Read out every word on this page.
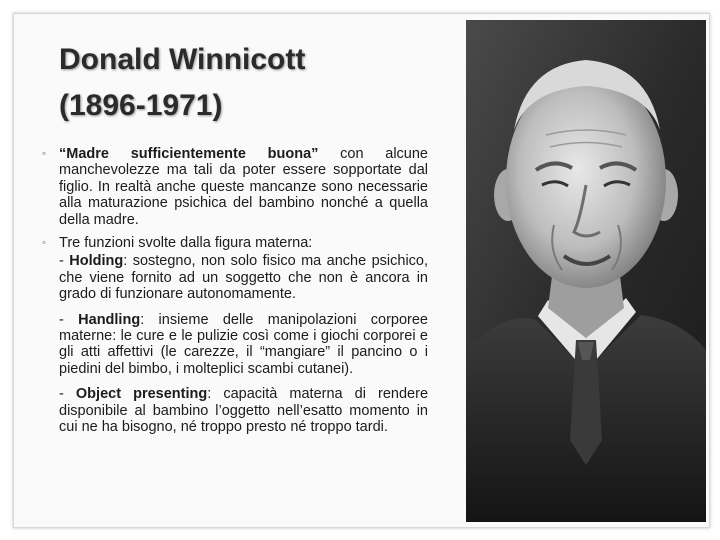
Donald Winnicott
(1896-1971)
◦ “Madre sufficientemente buona” con alcune manchevolezze ma tali da poter essere sopportate dal figlio. In realtà anche queste mancanze sono necessarie alla maturazione psichica del bambino nonché a quella della madre.
◦ Tre funzioni svolte dalla figura materna:
- Holding: sostegno, non solo fisico ma anche psichico, che viene fornito ad un soggetto che non è ancora in grado di funzionare autonomamente.
- Handling: insieme delle manipolazioni corporee materne: le cure e le pulizie così come i giochi corporei e gli atti affettivi (le carezze, il “mangiare” il pancino o i piedini del bimbo, i molteplici scambi cutanei).
- Object presenting: capacità materna di rendere disponibile al bambino l’oggetto nell’esatto momento in cui ne ha bisogno, né troppo presto né troppo tardi.
